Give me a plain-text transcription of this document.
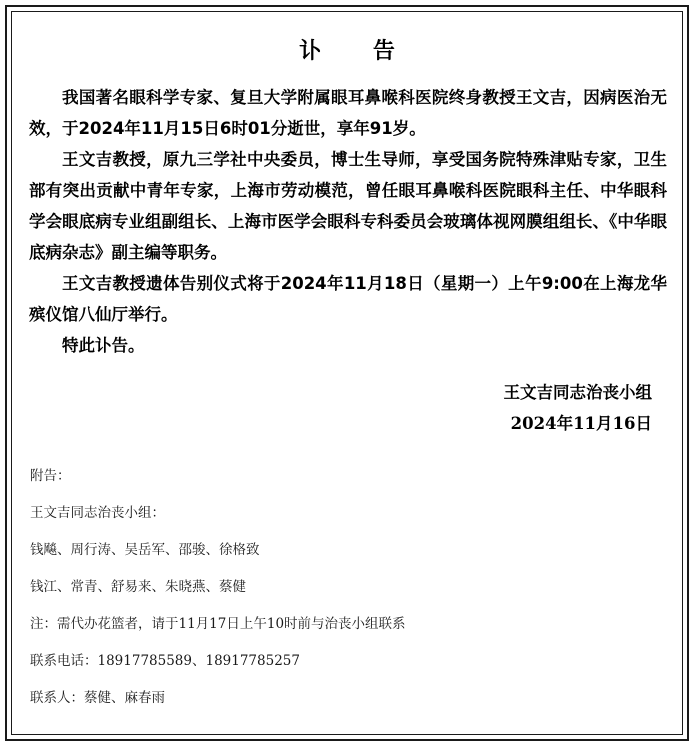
讣 告

我国著名眼科学专家、复旦大学附属眼耳鼻喉科医院终身教授王文吉，因病医治无效，于2024年11月15日6时01分逝世，享年91岁。

王文吉教授，原九三学社中央委员，博士生导师，享受国务院特殊津贴专家，卫生部有突出贡献中青年专家，上海市劳动模范，曾任眼耳鼻喉科医院眼科主任、中华眼科学会眼底病专业组副组长、上海市医学会眼科专科委员会玻璃体视网膜组组长、《中华眼底病杂志》副主编等职务。

王文吉教授遗体告别仪式将于2024年11月18日（星期一）上午9:00在上海龙华殡仪馆八仙厅举行。

特此讣告。

王文吉同志治丧小组
2024年11月16日
附告：
王文吉同志治丧小组：
钱飚、周行涛、吴岳军、邵骏、徐格致
钱江、常青、舒易来、朱晓燕、蔡健
注：需代办花篮者，请于11月17日上午10时前与治丧小组联系
联系电话：18917785589、18917785257
联系人：蔡健、麻春雨
